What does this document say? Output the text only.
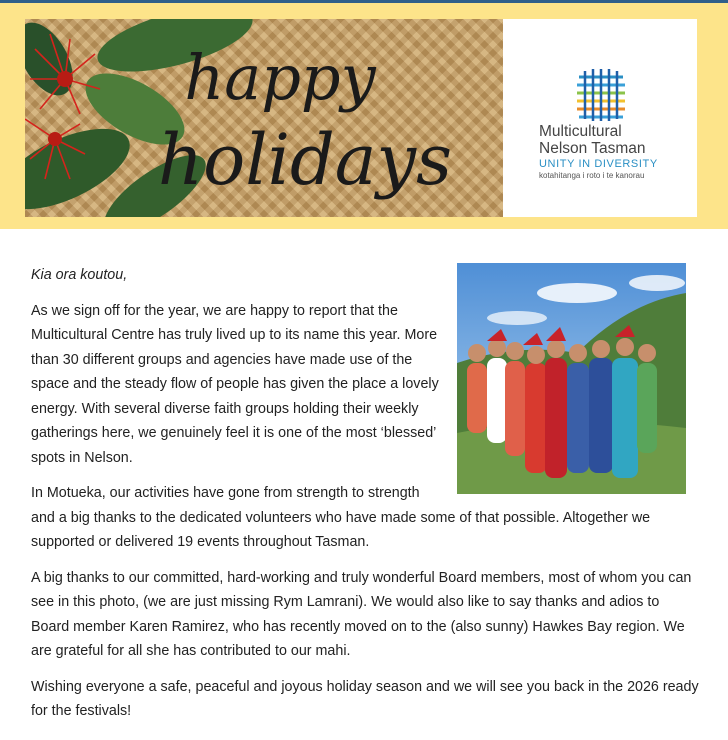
happy
holidays	Multicultural
Nelson Tasman
UNITY IN DIVERSITY
kotahitanga i roto i te kanorau

Kia ora koutou,

As we sign off for the year, we are happy to report that the Multicultural Centre has truly lived up to its name this year. More than 30 different groups and agencies have made use of the space and the steady flow of people has given the place a lovely energy. With several diverse faith groups holding their weekly gatherings here, we genuinely feel it is one of the most ‘blessed’ spots in Nelson.

In Motueka, our activities have gone from strength to strength and a big thanks to the dedicated volunteers who have made some of that possible. Altogether we supported or delivered 19 events throughout Tasman.

A big thanks to our committed, hard-working and truly wonderful Board members, most of whom you can see in this photo, (we are just missing Rym Lamrani). We would also like to say thanks and adios to Board member Karen Ramirez, who has recently moved on to the (also sunny) Hawkes Bay region. We are grateful for all she has contributed to our mahi.

Wishing everyone a safe, peaceful and joyous holiday season and we will see you back in the 2026 ready for the festivals!
